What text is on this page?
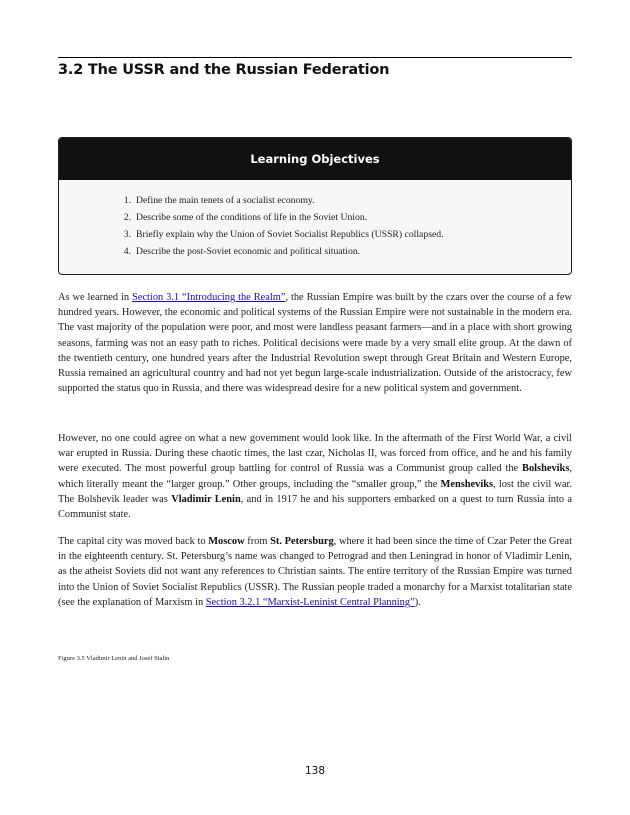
3.2 The USSR and the Russian Federation
Learning Objectives
1. Define the main tenets of a socialist economy.
2. Describe some of the conditions of life in the Soviet Union.
3. Briefly explain why the Union of Soviet Socialist Republics (USSR) collapsed.
4. Describe the post-Soviet economic and political situation.

As we learned in Section 3.1 “Introducing the Realm”, the Russian Empire was built by the czars over the course of a few hundred years. However, the economic and political systems of the Russian Empire were not sustainable in the modern era. The vast majority of the population were poor, and most were landless peasant farmers—and in a place with short growing seasons, farming was not an easy path to riches. Political decisions were made by a very small elite group. At the dawn of the twentieth century, one hundred years after the Industrial Revolution swept through Great Britain and Western Europe, Russia remained an agricultural country and had not yet begun large-scale industrialization. Outside of the aristocracy, few supported the status quo in Russia, and there was widespread desire for a new political system and government.

However, no one could agree on what a new government would look like. In the aftermath of the First World War, a civil war erupted in Russia. During these chaotic times, the last czar, Nicholas II, was forced from office, and he and his family were executed. The most powerful group battling for control of Russia was a Communist group called the Bolsheviks, which literally meant the “larger group.” Other groups, including the “smaller group,” the Mensheviks, lost the civil war. The Bolshevik leader was Vladimir Lenin, and in 1917 he and his supporters embarked on a quest to turn Russia into a Communist state.

The capital city was moved back to Moscow from St. Petersburg, where it had been since the time of Czar Peter the Great in the eighteenth century. St. Petersburg’s name was changed to Petrograd and then Leningrad in honor of Vladimir Lenin, as the atheist Soviets did not want any references to Christian saints. The entire territory of the Russian Empire was turned into the Union of Soviet Socialist Republics (USSR). The Russian people traded a monarchy for a Marxist totalitarian state (see the explanation of Marxism in Section 3.2.1 “Marxist-Leninist Central Planning”).

Figure 3.5 Vladimir Lenin and Josef Stalin

138
